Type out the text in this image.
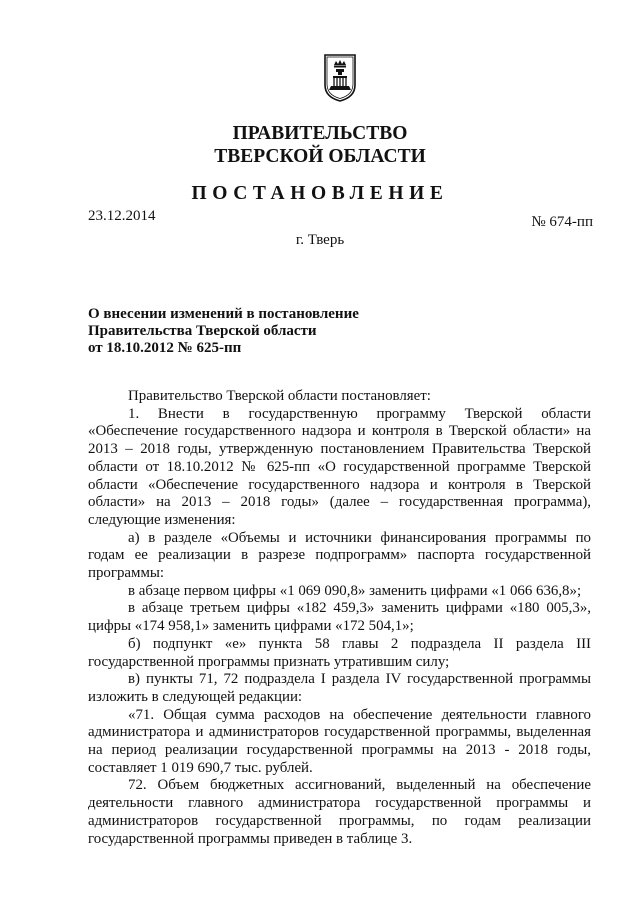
ПРАВИТЕЛЬСТВО
ТВЕРСКОЙ ОБЛАСТИ
ПОСТАНОВЛЕНИЕ
23.12.2014	№ 674-пп
г. Тверь
О внесении изменений в постановление
Правительства Тверской области
от 18.10.2012 № 625-пп

Правительство Тверской области постановляет:

1. Внести в государственную программу Тверской области «Обеспечение государственного надзора и контроля в Тверской области» на 2013 – 2018 годы, утвержденную постановлением Правительства Тверской области от 18.10.2012 № 625-пп «О государственной программе Тверской области «Обеспечение государственного надзора и контроля в Тверской области» на 2013 – 2018 годы» (далее – государственная программа), следующие изменения:

а) в разделе «Объемы и источники финансирования программы по годам ее реализации в разрезе подпрограмм» паспорта государственной программы:

в абзаце первом цифры «1 069 090,8» заменить цифрами «1 066 636,8»;

в абзаце третьем цифры «182 459,3» заменить цифрами «180 005,3», цифры «174 958,1» заменить цифрами «172 504,1»;

б) подпункт «е» пункта 58 главы 2 подраздела II раздела III государственной программы признать утратившим силу;

в) пункты 71, 72 подраздела I раздела IV государственной программы изложить в следующей редакции:

«71. Общая сумма расходов на обеспечение деятельности главного администратора и администраторов государственной программы, выделенная на период реализации государственной программы на 2013 - 2018 годы, составляет 1 019 690,7 тыс. рублей.

72. Объем бюджетных ассигнований, выделенный на обеспечение деятельности главного администратора государственной программы и администраторов государственной программы, по годам реализации государственной программы приведен в таблице 3.
